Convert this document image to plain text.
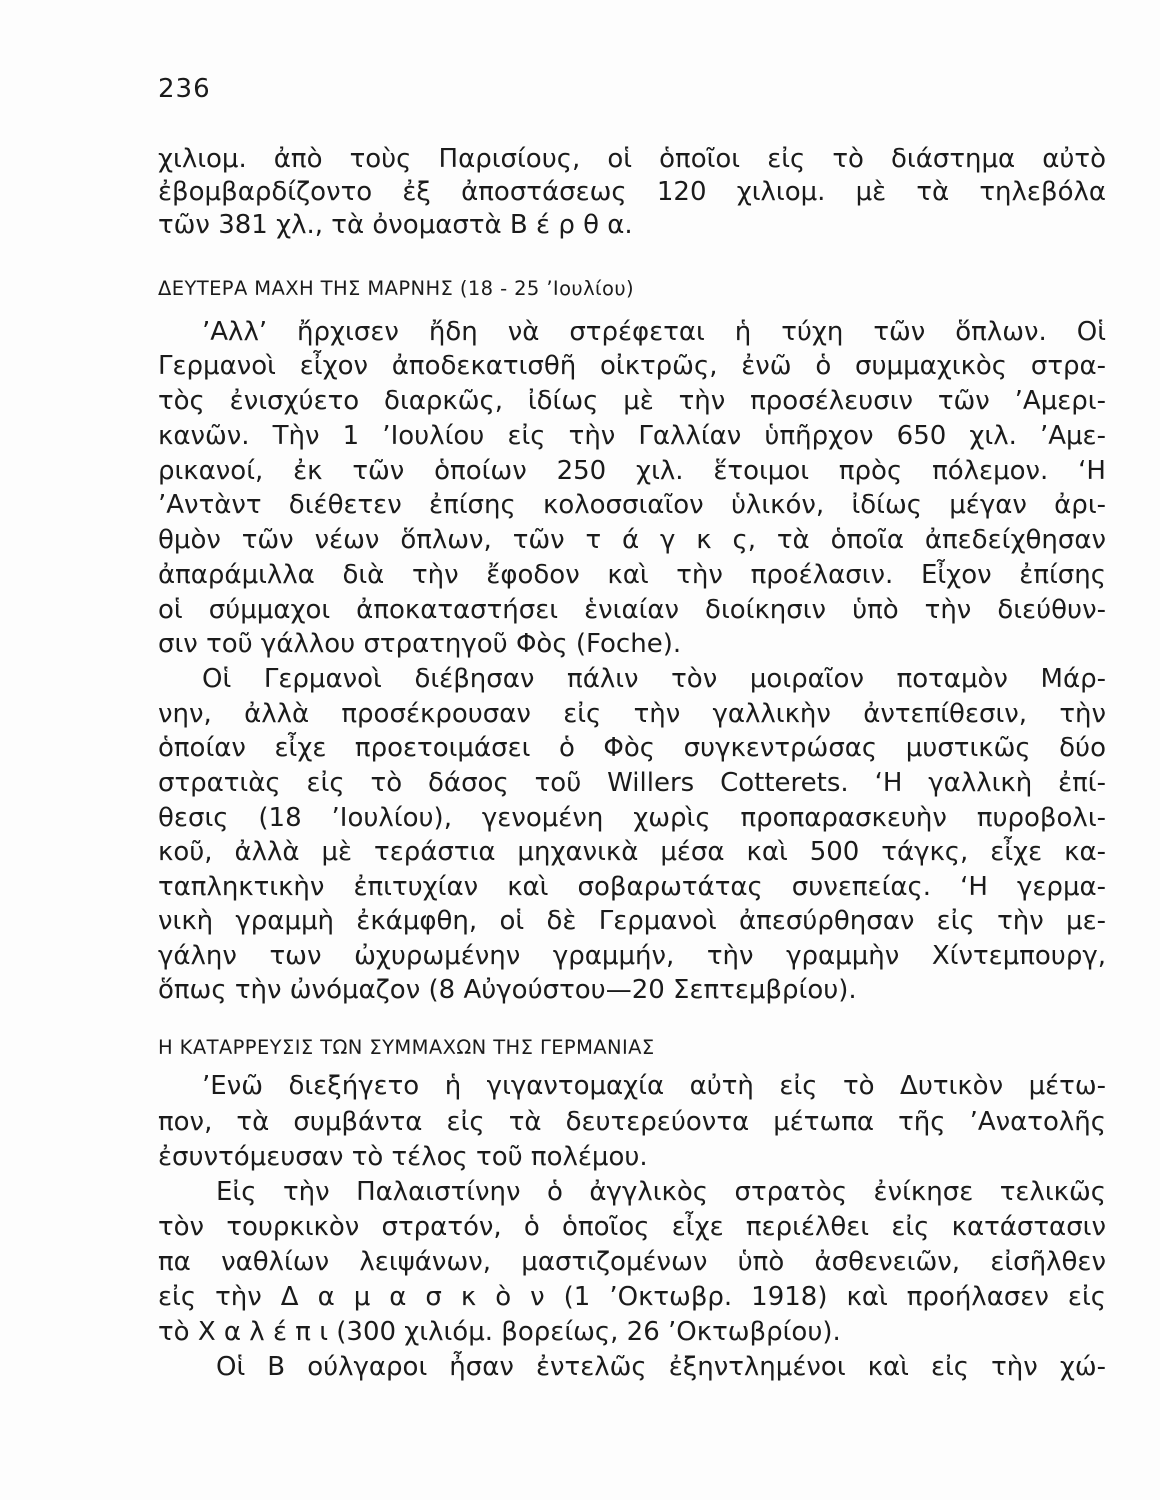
236
χιλιομ. ἀπὸ τοὺς Παρισίους, οἱ ὁποῖοι εἰς τὸ διάστημα αὐτὸ
ἐβομβαρδίζοντο ἐξ ἀποστάσεως 120 χιλιομ. μὲ τὰ τηλεβόλα
τῶν 381 χλ., τὰ ὀνομαστὰ Β έ ρ θ α.
ΔΕΥΤΕΡΑ ΜΑΧΗ ΤΗΣ ΜΑΡΝΗΣ (18 - 25 ’Ιουλίου)
’Αλλ’ ἤρχισεν ἤδη νὰ στρέφεται ἡ τύχη τῶν ὅπλων. Οἱ
Γερμανοὶ εἶχον ἀποδεκατισθῆ οἰκτρῶς, ἐνῶ ὁ συμμαχικὸς στρα-
τὸς ἐνισχύετο διαρκῶς, ἰδίως μὲ τὴν προσέλευσιν τῶν ’Αμερι-
κανῶν. Τὴν 1 ’Ιουλίου εἰς τὴν Γαλλίαν ὑπῆρχον 650 χιλ. ’Αμε-
ρικανοί, ἐκ τῶν ὁποίων 250 χιλ. ἕτοιμοι πρὸς πόλεμον. ‘Η
’Αντὰντ διέθετεν ἐπίσης κολοσσιαῖον ὑλικόν, ἰδίως μέγαν ἀρι-
θμὸν τῶν νέων ὅπλων, τῶν τ ά γ κ ς, τὰ ὁποῖα ἀπεδείχθησαν
ἀπαράμιλλα διὰ τὴν ἔφοδον καὶ τὴν προέλασιν. Εἶχον ἐπίσης
οἱ σύμμαχοι ἀποκαταστήσει ἑνιαίαν διοίκησιν ὑπὸ τὴν διεύθυν-
σιν τοῦ γάλλου στρατηγοῦ Φὸς (Foche).
Οἱ Γερμανοὶ διέβησαν πάλιν τὸν μοιραῖον ποταμὸν Μάρ-
νην, ἀλλὰ προσέκρουσαν εἰς τὴν γαλλικὴν ἀντεπίθεσιν, τὴν
ὁποίαν εἶχε προετοιμάσει ὁ Φὸς συγκεντρώσας μυστικῶς δύο
στρατιὰς εἰς τὸ δάσος τοῦ Willers Cotterets. ‘Η γαλλικὴ ἐπί-
θεσις (18 ’Ιουλίου), γενομένη χωρὶς προπαρασκευὴν πυροβολι-
κοῦ, ἀλλὰ μὲ τεράστια μηχανικὰ μέσα καὶ 500 τάγκς, εἶχε κα-
ταπληκτικὴν ἐπιτυχίαν καὶ σοβαρωτάτας συνεπείας. ‘Η γερμα-
νικὴ γραμμὴ ἐκάμφθη, οἱ δὲ Γερμανοὶ ἀπεσύρθησαν εἰς τὴν με-
γάλην των ὠχυρωμένην γραμμήν, τὴν γραμμὴν Χίντεμπουργ,
ὅπως τὴν ὠνόμαζον (8 Αὐγούστου—20 Σεπτεμβρίου).
Η ΚΑΤΑΡΡΕΥΣΙΣ ΤΩΝ ΣΥΜΜΑΧΩΝ ΤΗΣ ΓΕΡΜΑΝΙΑΣ
’Ενῶ διεξήγετο ἡ γιγαντομαχία αὐτὴ εἰς τὸ Δυτικὸν μέτω-
πον, τὰ συμβάντα εἰς τὰ δευτερεύοντα μέτωπα τῆς ’Ανατολῆς
ἐσυντόμευσαν τὸ τέλος τοῦ πολέμου.
Εἰς τὴν Παλαιστίνην ὁ ἀγγλικὸς στρατὸς ἐνίκησε τελικῶς
τὸν τουρκικὸν στρατόν, ὁ ὁποῖος εἶχε περιέλθει εἰς κατάστασιν
πα ναθλίων λειψάνων, μαστιζομένων ὑπὸ ἀσθενειῶν, εἰσῆλθεν
εἰς τὴν Δ α μ α σ κ ὸ ν (1 ’Οκτωβρ. 1918) καὶ προήλασεν εἰς
τὸ Χ α λ έ π ι (300 χιλιόμ. βορείως, 26 ’Οκτωβρίου).
Οἱ Β ούλγαροι ἦσαν ἐντελῶς ἐξηντλημένοι καὶ εἰς τὴν χώ-
